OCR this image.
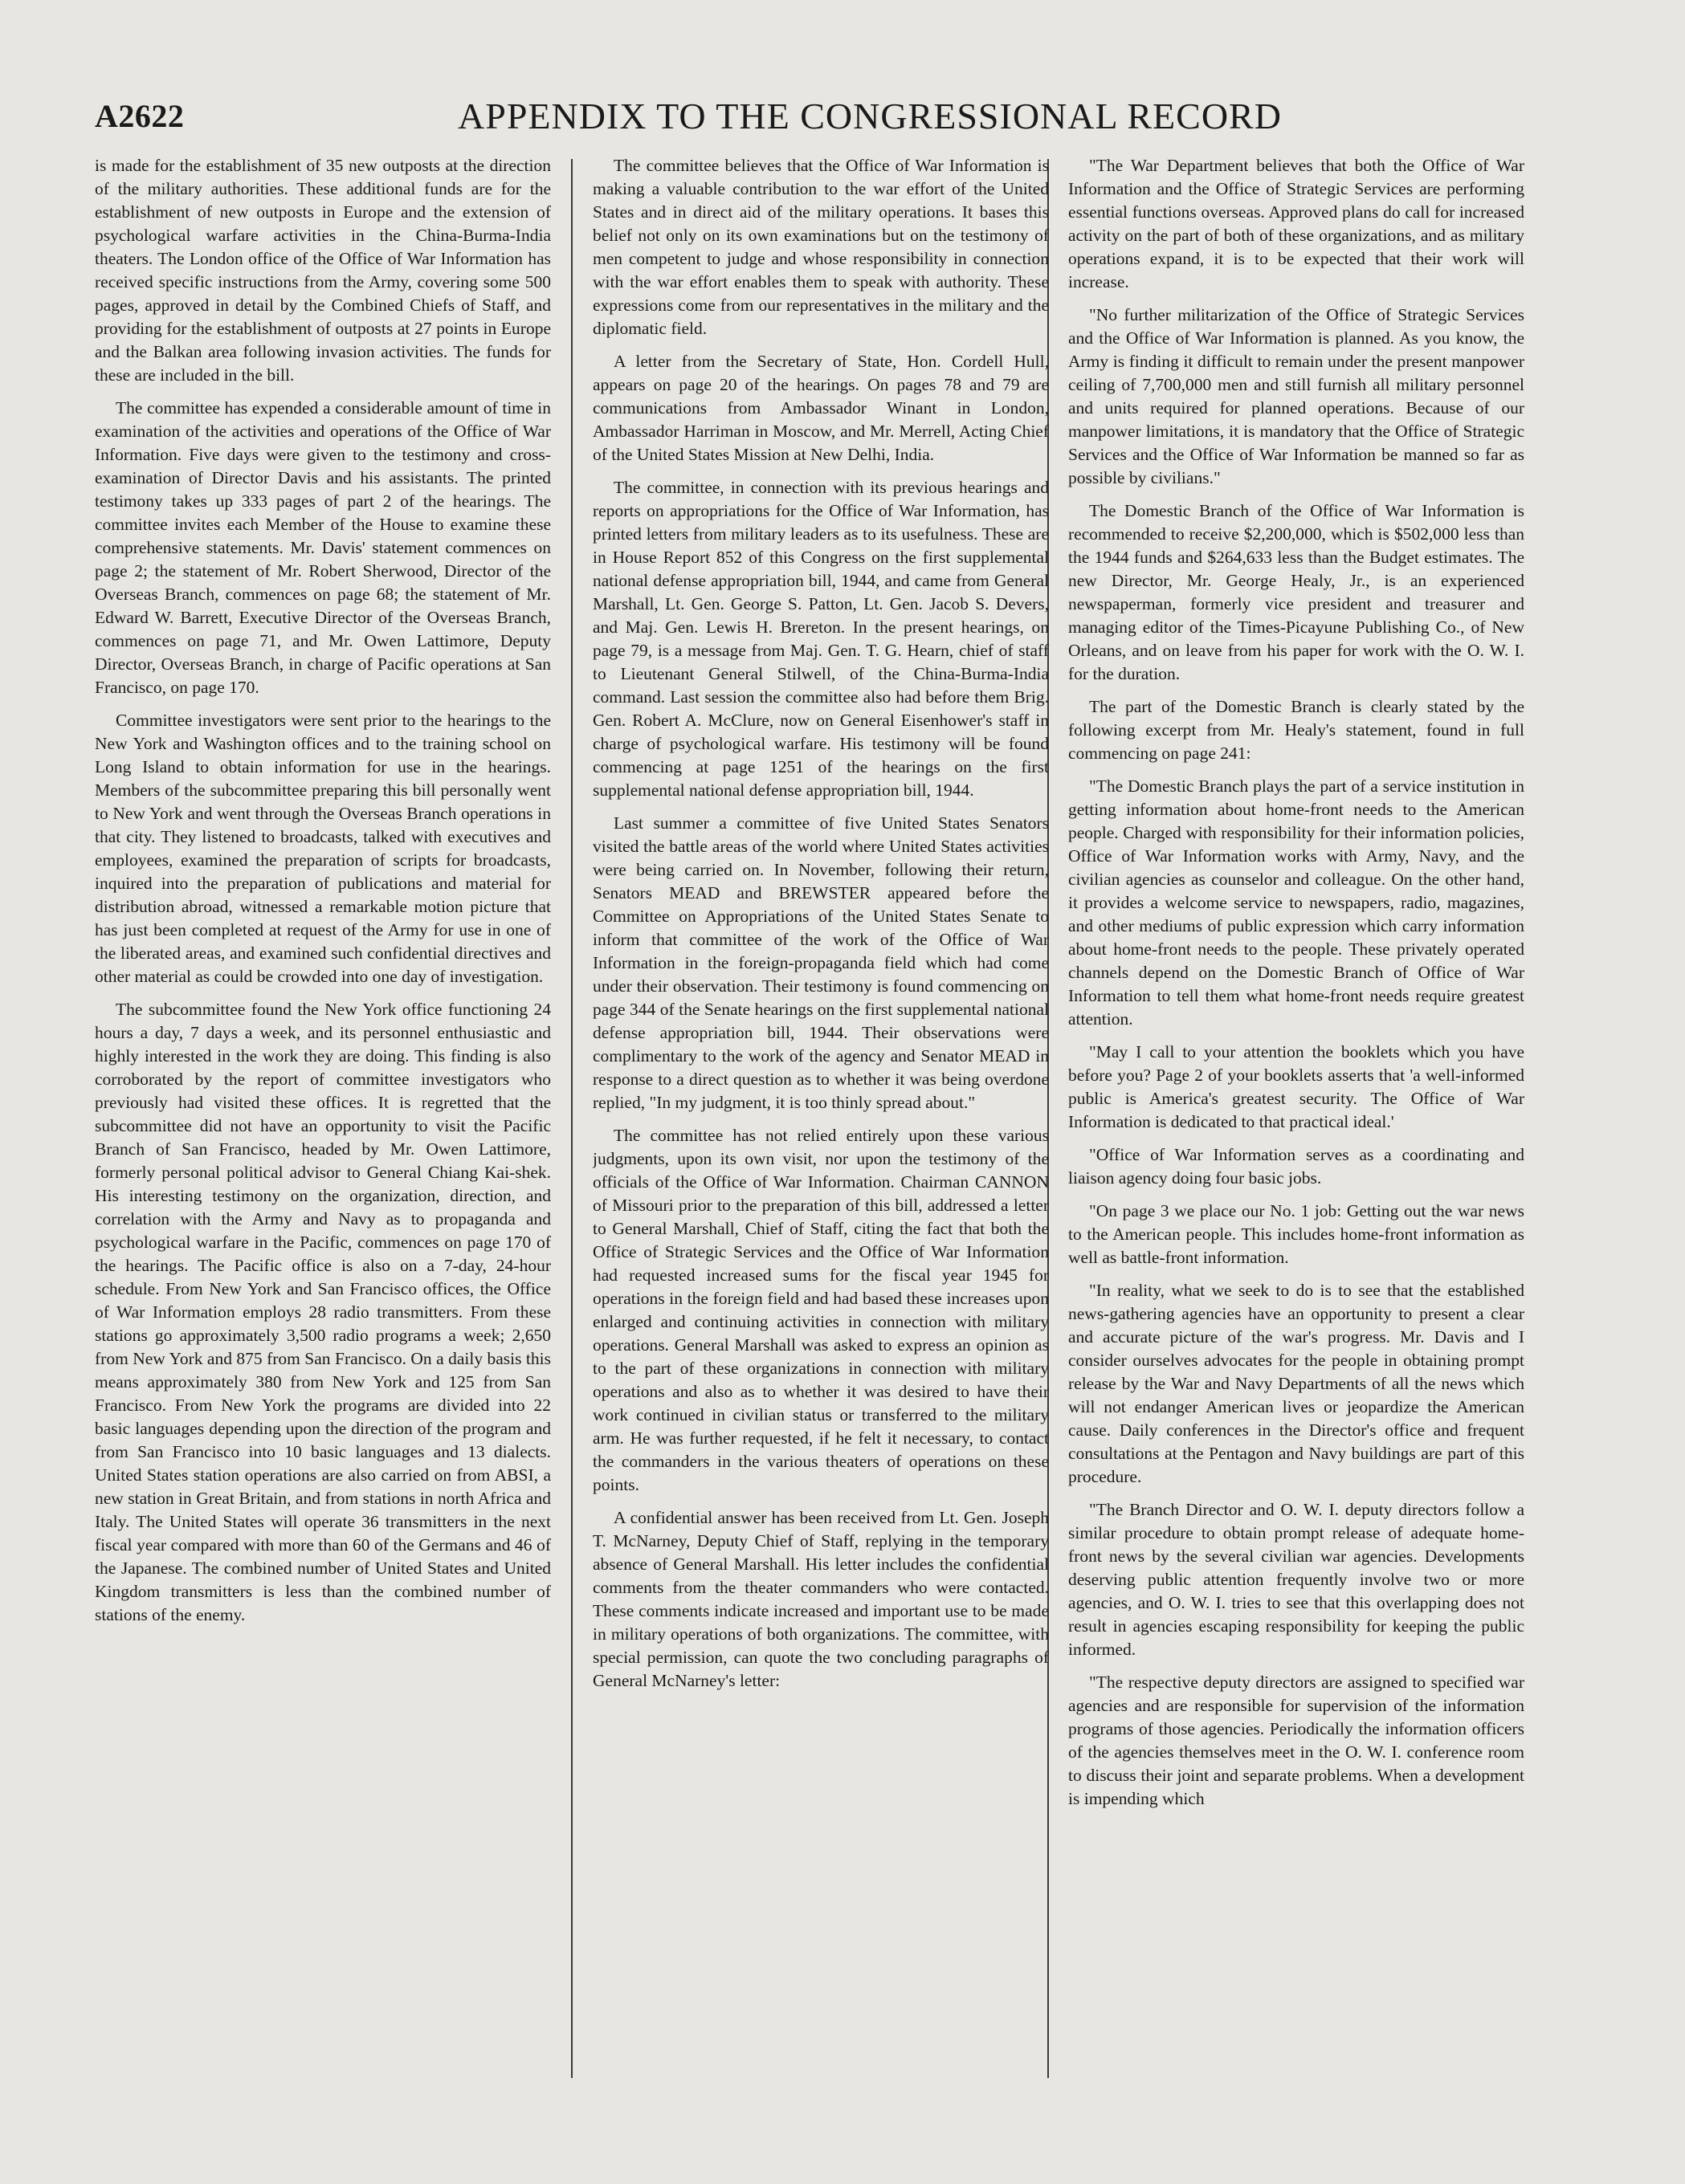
A2622	APPENDIX TO THE CONGRESSIONAL RECORD

is made for the establishment of 35 new outposts at the direction of the military authorities. These additional funds are for the establishment of new outposts in Europe and the extension of psychological warfare activities in the China-Burma-India theaters. The London office of the Office of War Information has received specific instructions from the Army, covering some 500 pages, approved in detail by the Combined Chiefs of Staff, and providing for the establishment of outposts at 27 points in Europe and the Balkan area following invasion activities. The funds for these are included in the bill.

The committee has expended a considerable amount of time in examination of the activities and operations of the Office of War Information. Five days were given to the testimony and cross-examination of Director Davis and his assistants. The printed testimony takes up 333 pages of part 2 of the hearings. The committee invites each Member of the House to examine these comprehensive statements. Mr. Davis' statement commences on page 2; the statement of Mr. Robert Sherwood, Director of the Overseas Branch, commences on page 68; the statement of Mr. Edward W. Barrett, Executive Director of the Overseas Branch, commences on page 71, and Mr. Owen Lattimore, Deputy Director, Overseas Branch, in charge of Pacific operations at San Francisco, on page 170.

Committee investigators were sent prior to the hearings to the New York and Washington offices and to the training school on Long Island to obtain information for use in the hearings. Members of the subcommittee preparing this bill personally went to New York and went through the Overseas Branch operations in that city. They listened to broadcasts, talked with executives and employees, examined the preparation of scripts for broadcasts, inquired into the preparation of publications and material for distribution abroad, witnessed a remarkable motion picture that has just been completed at request of the Army for use in one of the liberated areas, and examined such confidential directives and other material as could be crowded into one day of investigation.

The subcommittee found the New York office functioning 24 hours a day, 7 days a week, and its personnel enthusiastic and highly interested in the work they are doing. This finding is also corroborated by the report of committee investigators who previously had visited these offices. It is regretted that the subcommittee did not have an opportunity to visit the Pacific Branch of San Francisco, headed by Mr. Owen Lattimore, formerly personal political advisor to General Chiang Kai-shek. His interesting testimony on the organization, direction, and correlation with the Army and Navy as to propaganda and psychological warfare in the Pacific, commences on page 170 of the hearings. The Pacific office is also on a 7-day, 24-hour schedule. From New York and San Francisco offices, the Office of War Information employs 28 radio transmitters. From these stations go approximately 3,500 radio programs a week; 2,650 from New York and 875 from San Francisco. On a daily basis this means approximately 380 from New York and 125 from San Francisco. From New York the programs are divided into 22 basic languages depending upon the direction of the program and from San Francisco into 10 basic languages and 13 dialects. United States station operations are also carried on from ABSI, a new station in Great Britain, and from stations in north Africa and Italy. The United States will operate 36 transmitters in the next fiscal year compared with more than 60 of the Germans and 46 of the Japanese. The combined number of United States and United Kingdom transmitters is less than the combined number of stations of the enemy.

The committee believes that the Office of War Information is making a valuable contribution to the war effort of the United States and in direct aid of the military operations. It bases this belief not only on its own examinations but on the testimony of men competent to judge and whose responsibility in connection with the war effort enables them to speak with authority. These expressions come from our representatives in the military and the diplomatic field.

A letter from the Secretary of State, Hon. Cordell Hull, appears on page 20 of the hearings. On pages 78 and 79 are communications from Ambassador Winant in London, Ambassador Harriman in Moscow, and Mr. Merrell, Acting Chief of the United States Mission at New Delhi, India.

The committee, in connection with its previous hearings and reports on appropriations for the Office of War Information, has printed letters from military leaders as to its usefulness. These are in House Report 852 of this Congress on the first supplemental national defense appropriation bill, 1944, and came from General Marshall, Lt. Gen. George S. Patton, Lt. Gen. Jacob S. Devers, and Maj. Gen. Lewis H. Brereton. In the present hearings, on page 79, is a message from Maj. Gen. T. G. Hearn, chief of staff to Lieutenant General Stilwell, of the China-Burma-India command. Last session the committee also had before them Brig. Gen. Robert A. McClure, now on General Eisenhower's staff in charge of psychological warfare. His testimony will be found commencing at page 1251 of the hearings on the first supplemental national defense appropriation bill, 1944.

Last summer a committee of five United States Senators visited the battle areas of the world where United States activities were being carried on. In November, following their return, Senators MEAD and BREWSTER appeared before the Committee on Appropriations of the United States Senate to inform that committee of the work of the Office of War Information in the foreign-propaganda field which had come under their observation. Their testimony is found commencing on page 344 of the Senate hearings on the first supplemental national defense appropriation bill, 1944. Their observations were complimentary to the work of the agency and Senator MEAD in response to a direct question as to whether it was being overdone replied, "In my judgment, it is too thinly spread about."

The committee has not relied entirely upon these various judgments, upon its own visit, nor upon the testimony of the officials of the Office of War Information. Chairman CANNON of Missouri prior to the preparation of this bill, addressed a letter to General Marshall, Chief of Staff, citing the fact that both the Office of Strategic Services and the Office of War Information had requested increased sums for the fiscal year 1945 for operations in the foreign field and had based these increases upon enlarged and continuing activities in connection with military operations. General Marshall was asked to express an opinion as to the part of these organizations in connection with military operations and also as to whether it was desired to have their work continued in civilian status or transferred to the military arm. He was further requested, if he felt it necessary, to contact the commanders in the various theaters of operations on these points.

A confidential answer has been received from Lt. Gen. Joseph T. McNarney, Deputy Chief of Staff, replying in the temporary absence of General Marshall. His letter includes the confidential comments from the theater commanders who were contacted. These comments indicate increased and important use to be made in military operations of both organizations. The committee, with special permission, can quote the two concluding paragraphs of General McNarney's letter:

"The War Department believes that both the Office of War Information and the Office of Strategic Services are performing essential functions overseas. Approved plans do call for increased activity on the part of both of these organizations, and as military operations expand, it is to be expected that their work will increase.

"No further militarization of the Office of Strategic Services and the Office of War Information is planned. As you know, the Army is finding it difficult to remain under the present manpower ceiling of 7,700,000 men and still furnish all military personnel and units required for planned operations. Because of our manpower limitations, it is mandatory that the Office of Strategic Services and the Office of War Information be manned so far as possible by civilians."

The Domestic Branch of the Office of War Information is recommended to receive $2,200,000, which is $502,000 less than the 1944 funds and $264,633 less than the Budget estimates. The new Director, Mr. George Healy, Jr., is an experienced newspaperman, formerly vice president and treasurer and managing editor of the Times-Picayune Publishing Co., of New Orleans, and on leave from his paper for work with the O. W. I. for the duration.

The part of the Domestic Branch is clearly stated by the following excerpt from Mr. Healy's statement, found in full commencing on page 241:

"The Domestic Branch plays the part of a service institution in getting information about home-front needs to the American people. Charged with responsibility for their information policies, Office of War Information works with Army, Navy, and the civilian agencies as counselor and colleague. On the other hand, it provides a welcome service to newspapers, radio, magazines, and other mediums of public expression which carry information about home-front needs to the people. These privately operated channels depend on the Domestic Branch of Office of War Information to tell them what home-front needs require greatest attention.

"May I call to your attention the booklets which you have before you? Page 2 of your booklets asserts that 'a well-informed public is America's greatest security. The Office of War Information is dedicated to that practical ideal.'

"Office of War Information serves as a coordinating and liaison agency doing four basic jobs.

"On page 3 we place our No. 1 job: Getting out the war news to the American people. This includes home-front information as well as battle-front information.

"In reality, what we seek to do is to see that the established news-gathering agencies have an opportunity to present a clear and accurate picture of the war's progress. Mr. Davis and I consider ourselves advocates for the people in obtaining prompt release by the War and Navy Departments of all the news which will not endanger American lives or jeopardize the American cause. Daily conferences in the Director's office and frequent consultations at the Pentagon and Navy buildings are part of this procedure.

"The Branch Director and O. W. I. deputy directors follow a similar procedure to obtain prompt release of adequate home-front news by the several civilian war agencies. Developments deserving public attention frequently involve two or more agencies, and O. W. I. tries to see that this overlapping does not result in agencies escaping responsibility for keeping the public informed.

"The respective deputy directors are assigned to specified war agencies and are responsible for supervision of the information programs of those agencies. Periodically the information officers of the agencies themselves meet in the O. W. I. conference room to discuss their joint and separate problems. When a development is impending which
